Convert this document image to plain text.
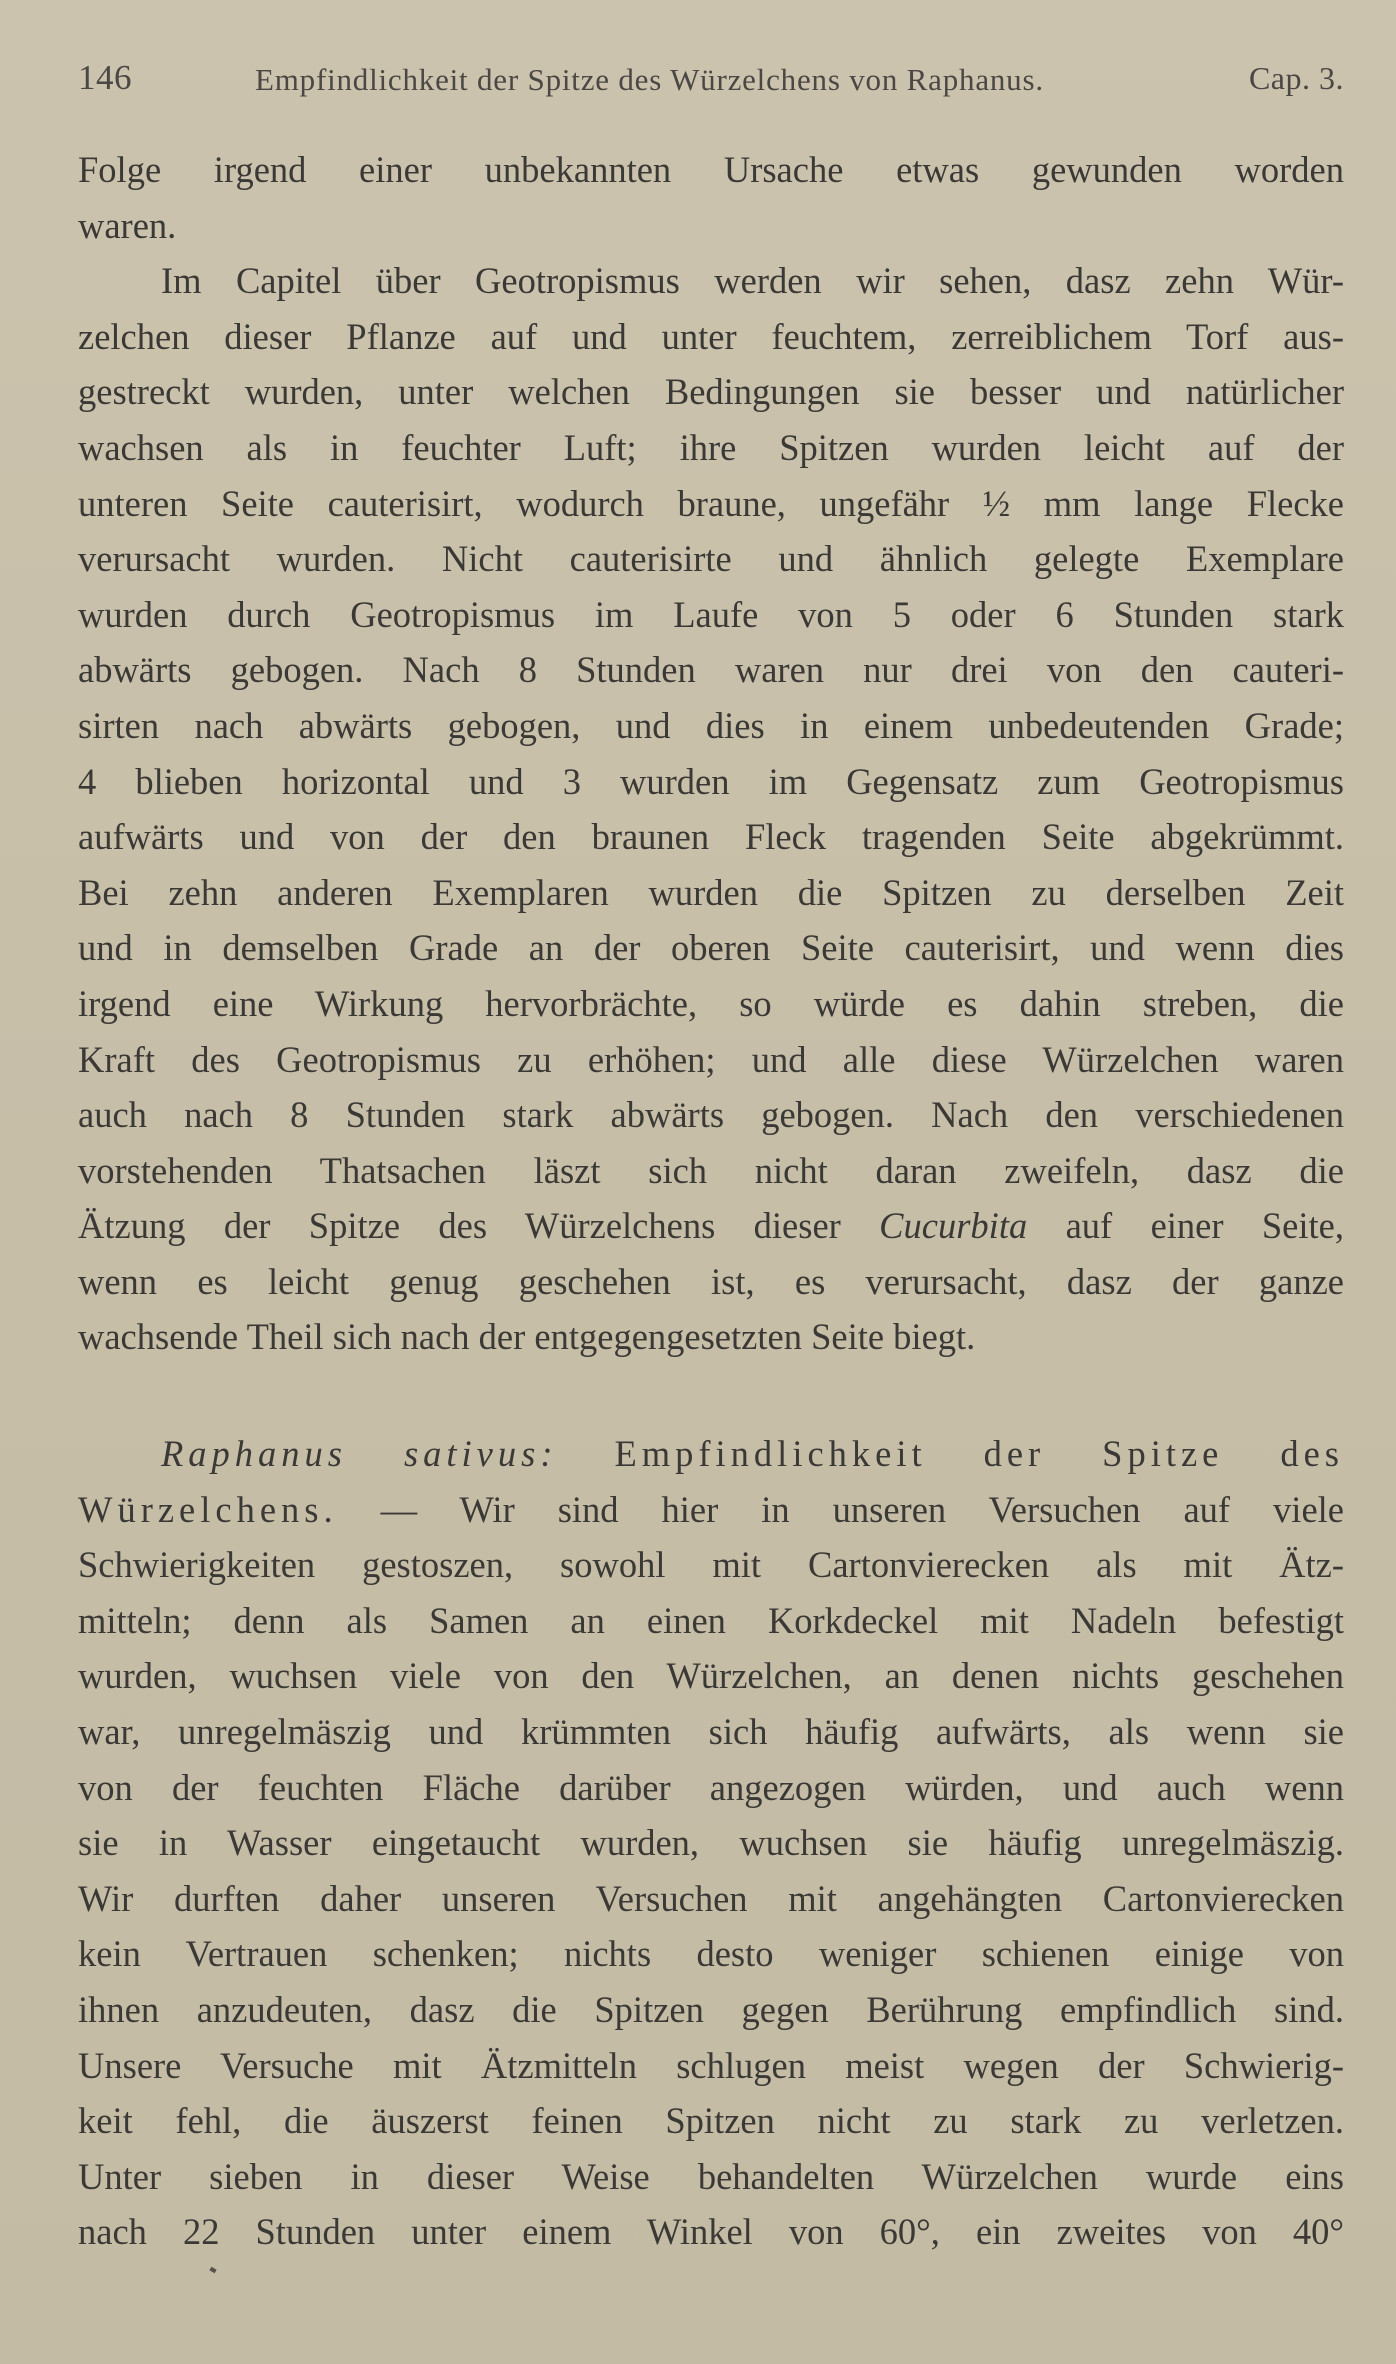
146	Empfindlichkeit der Spitze des Würzelchens von Raphanus.	Cap. 3.
Folge irgend einer unbekannten Ursache etwas gewunden worden
waren.
Im Capitel über Geotropismus werden wir sehen, dasz zehn Wür-
zelchen dieser Pflanze auf und unter feuchtem, zerreiblichem Torf aus-
gestreckt wurden, unter welchen Bedingungen sie besser und natürlicher
wachsen als in feuchter Luft; ihre Spitzen wurden leicht auf der
unteren Seite cauterisirt, wodurch braune, ungefähr ½ mm lange Flecke
verursacht wurden. Nicht cauterisirte und ähnlich gelegte Exemplare
wurden durch Geotropismus im Laufe von 5 oder 6 Stunden stark
abwärts gebogen. Nach 8 Stunden waren nur drei von den cauteri-
sirten nach abwärts gebogen, und dies in einem unbedeutenden Grade;
4 blieben horizontal und 3 wurden im Gegensatz zum Geotropismus
aufwärts und von der den braunen Fleck tragenden Seite abgekrümmt.
Bei zehn anderen Exemplaren wurden die Spitzen zu derselben Zeit
und in demselben Grade an der oberen Seite cauterisirt, und wenn dies
irgend eine Wirkung hervorbrächte, so würde es dahin streben, die
Kraft des Geotropismus zu erhöhen; und alle diese Würzelchen waren
auch nach 8 Stunden stark abwärts gebogen. Nach den verschiedenen
vorstehenden Thatsachen läszt sich nicht daran zweifeln, dasz die
Ätzung der Spitze des Würzelchens dieser Cucurbita auf einer Seite,
wenn es leicht genug geschehen ist, es verursacht, dasz der ganze
wachsende Theil sich nach der entgegengesetzten Seite biegt.
Raphanus sativus: Empfindlichkeit der Spitze des
Würzelchens. — Wir sind hier in unseren Versuchen auf viele
Schwierigkeiten gestoszen, sowohl mit Cartonvierecken als mit Ätz-
mitteln; denn als Samen an einen Korkdeckel mit Nadeln befestigt
wurden, wuchsen viele von den Würzelchen, an denen nichts geschehen
war, unregelmäszig und krümmten sich häufig aufwärts, als wenn sie
von der feuchten Fläche darüber angezogen würden, und auch wenn
sie in Wasser eingetaucht wurden, wuchsen sie häufig unregelmäszig.
Wir durften daher unseren Versuchen mit angehängten Cartonvierecken
kein Vertrauen schenken; nichts desto weniger schienen einige von
ihnen anzudeuten, dasz die Spitzen gegen Berührung empfindlich sind.
Unsere Versuche mit Ätzmitteln schlugen meist wegen der Schwierig-
keit fehl, die äuszerst feinen Spitzen nicht zu stark zu verletzen.
Unter sieben in dieser Weise behandelten Würzelchen wurde eins
nach 22 Stunden unter einem Winkel von 60°, ein zweites von 40°
